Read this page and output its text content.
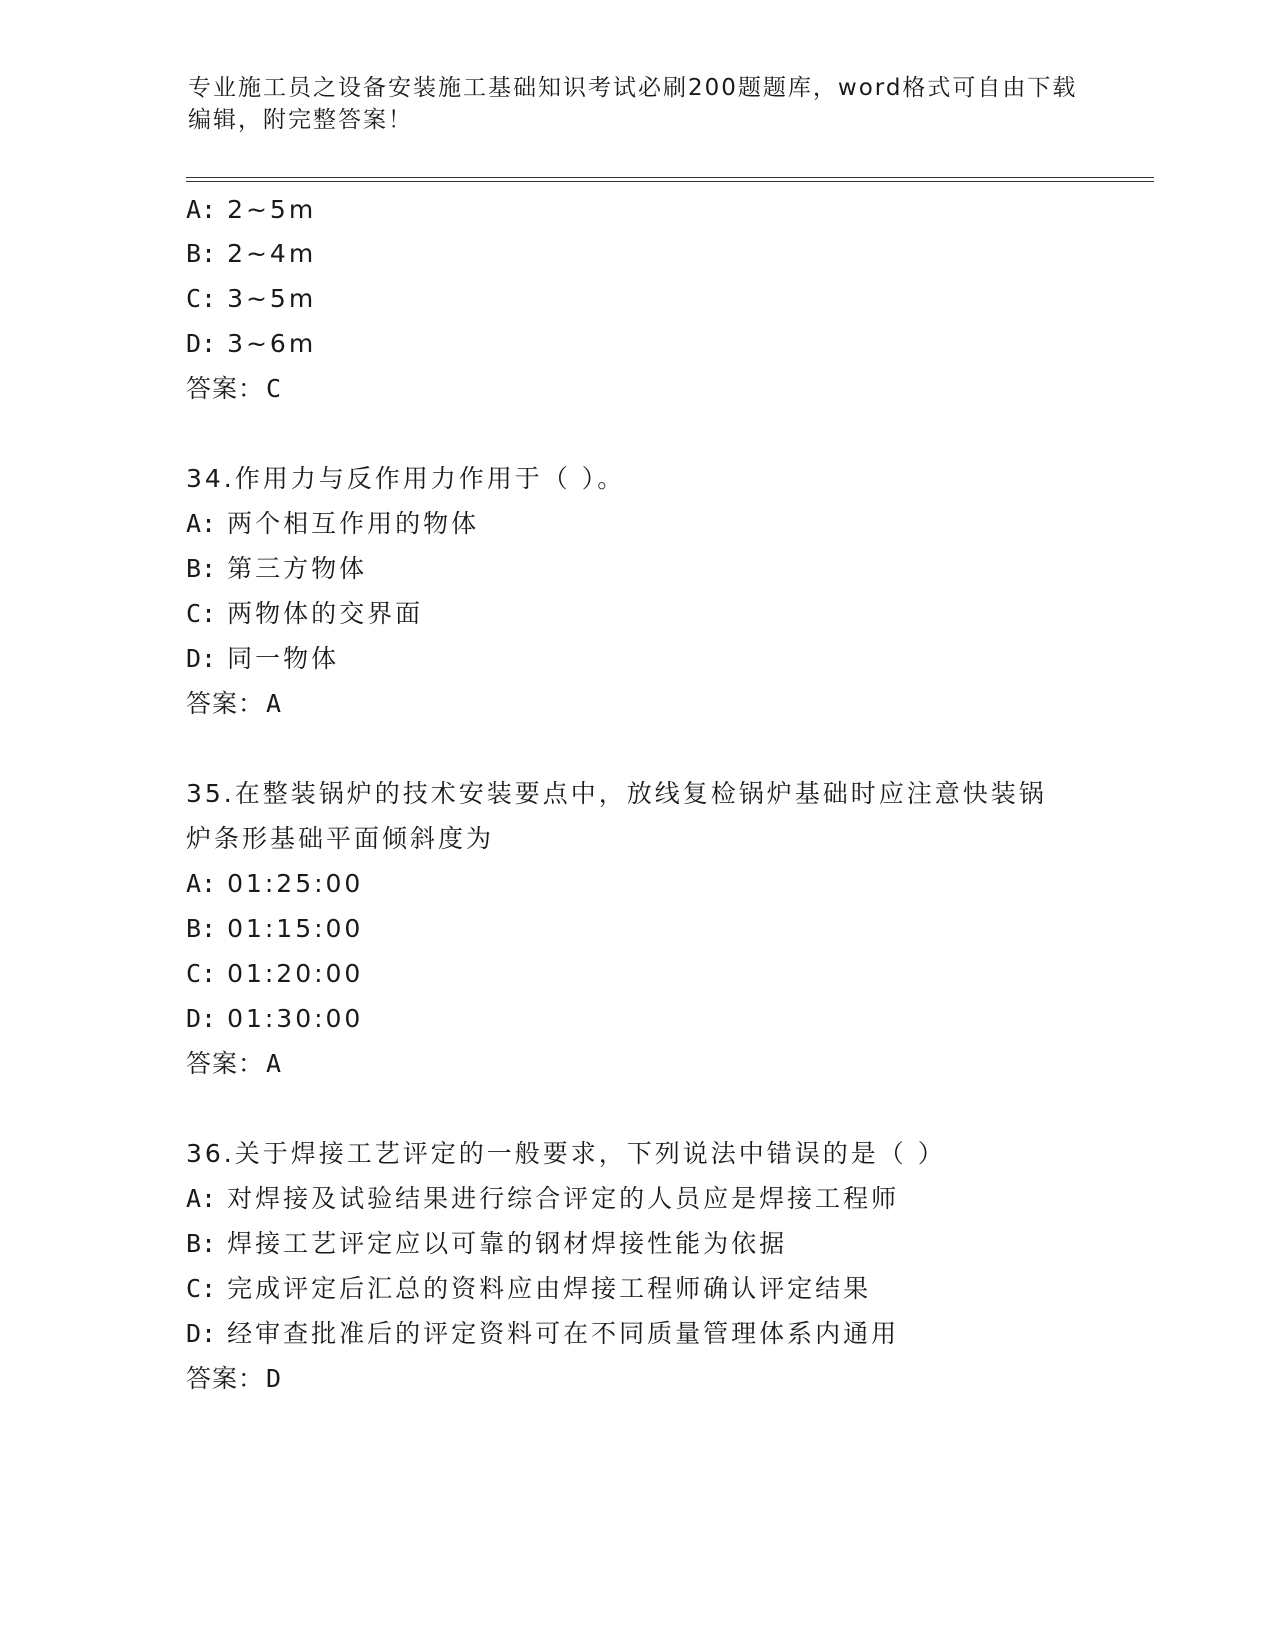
专业施工员之设备安装施工基础知识考试必刷200题题库，word格式可自由下载
编辑，附完整答案！
A: 2~5m
B: 2~4m
C: 3~5m
D: 3~6m
答案：C
34.作用力与反作用力作用于（ ）。
A: 两个相互作用的物体
B: 第三方物体
C: 两物体的交界面
D: 同一物体
答案：A
35.在整装锅炉的技术安装要点中，放线复检锅炉基础时应注意快装锅
炉条形基础平面倾斜度为
A: 01:25:00
B: 01:15:00
C: 01:20:00
D: 01:30:00
答案：A
36.关于焊接工艺评定的一般要求，下列说法中错误的是（ ）
A: 对焊接及试验结果进行综合评定的人员应是焊接工程师
B: 焊接工艺评定应以可靠的钢材焊接性能为依据
C: 完成评定后汇总的资料应由焊接工程师确认评定结果
D: 经审查批准后的评定资料可在不同质量管理体系内通用
答案：D
